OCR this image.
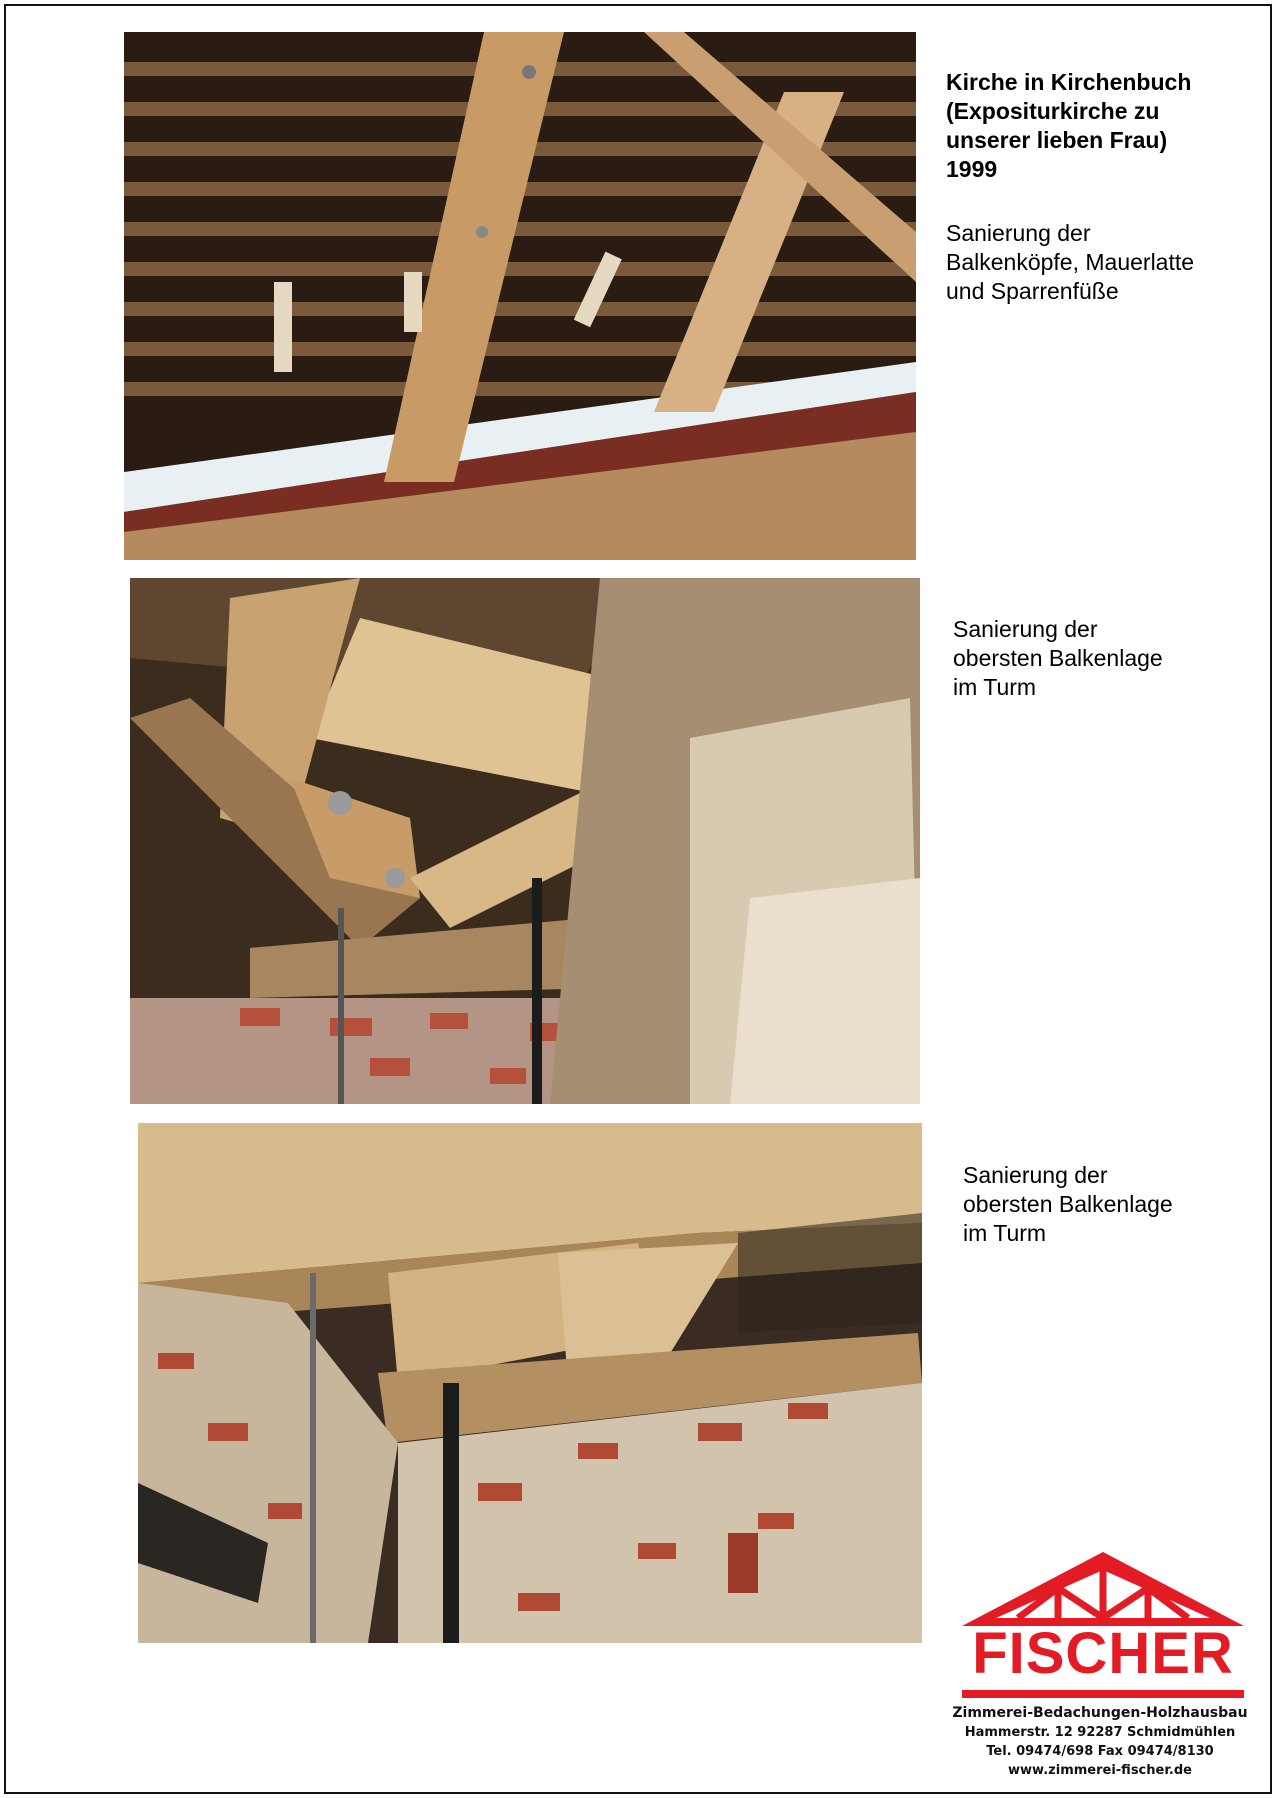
Kirche in Kirchenbuch
(Expositurkirche zu
unserer lieben Frau)
1999
Sanierung der
Balkenköpfe, Mauerlatte
und Sparrenfüße
Sanierung der
obersten Balkenlage
im Turm
Sanierung der
obersten Balkenlage
im Turm
FISCHER
Zimmerei-Bedachungen-Holzhausbau
Hammerstr. 12 92287 Schmidmühlen
Tel. 09474/698 Fax 09474/8130
www.zimmerei-fischer.de
